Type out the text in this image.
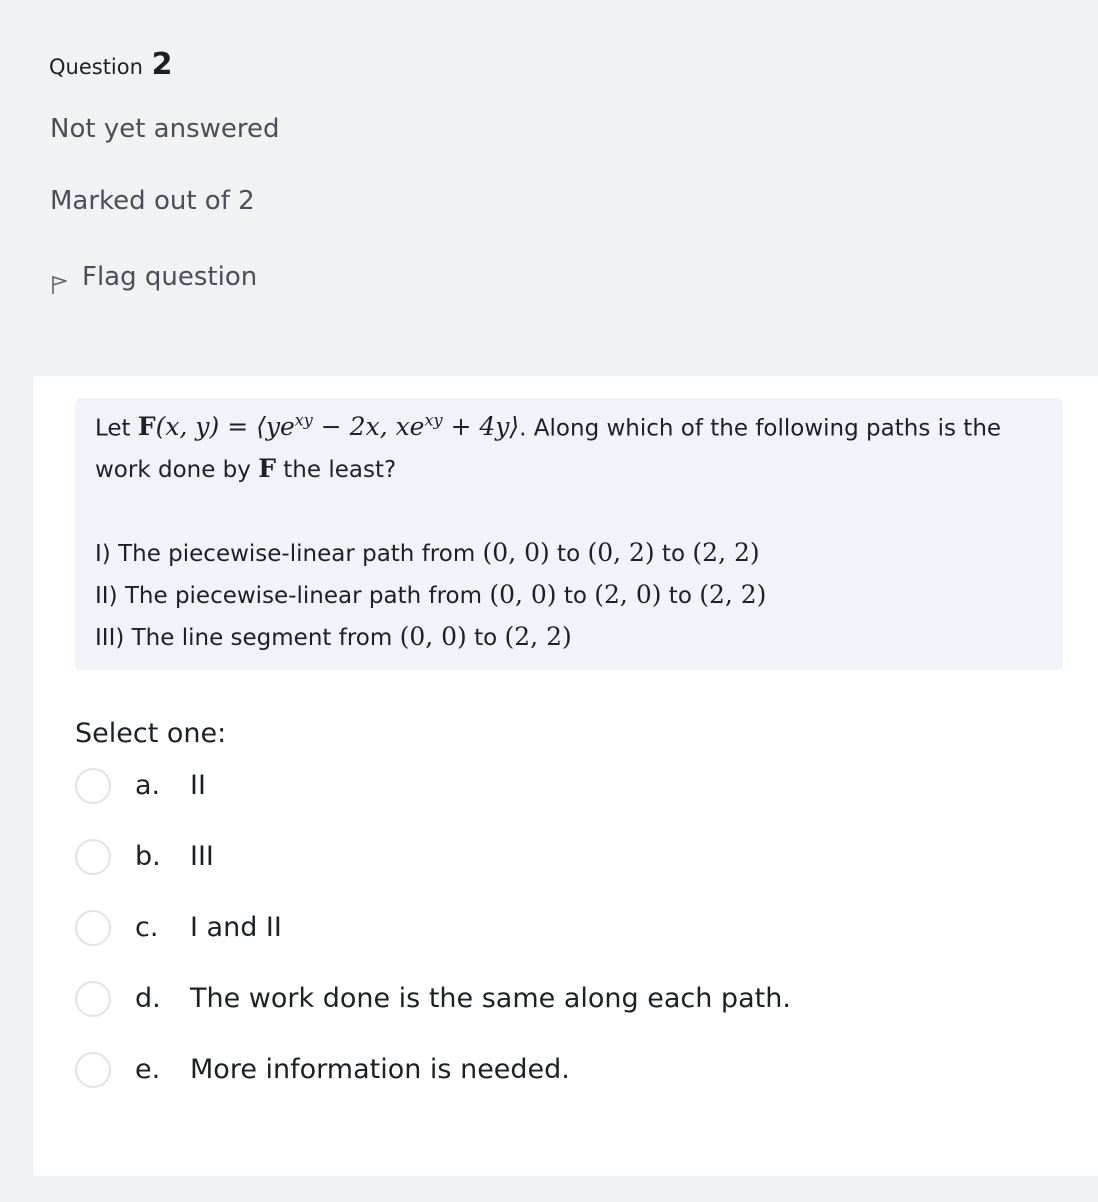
Question 2
Not yet answered
Marked out of 2
Flag question
Let F(x, $y) = ⟨ye^{xy} - 2x$, $xe^{xy}$ + 4y⟩. Along which of the following paths is the
work done by F the least?
I) The piecewise-linear path from (0, 0) to (0, 2) to (2, 2)
II) The piecewise-linear path from (0, 0) to (2, 0) to (2, 2)
III) The line segment from (0, 0) to (2, 2)
Select one:
a. II
b. III
c. I and II
d. The work done is the same along each path.
e. More information is needed.
